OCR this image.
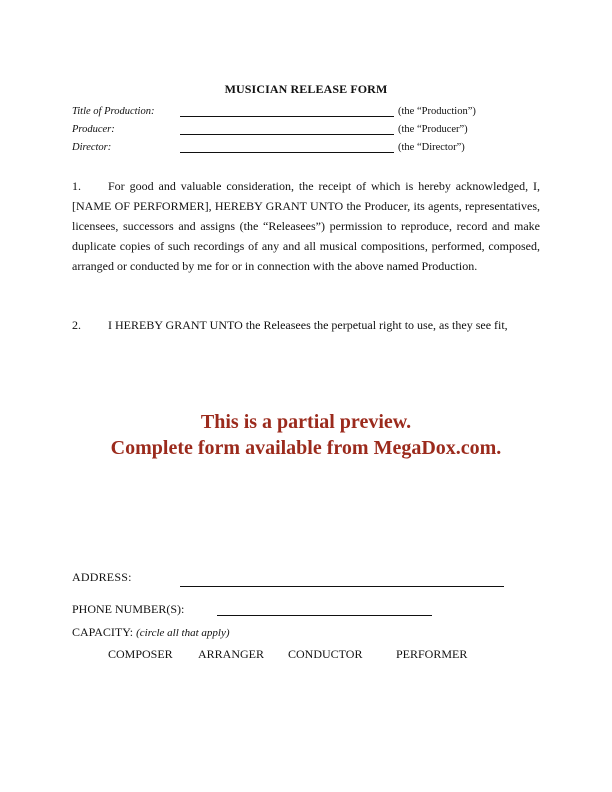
MUSICIAN RELEASE FORM
Title of Production:	(the “Production”)
Producer:	(the “Producer”)
Director:	(the “Director”)
1. For good and valuable consideration, the receipt of which is hereby acknowledged, I, [NAME OF PERFORMER], HEREBY GRANT UNTO the Producer, its agents, representatives, licensees, successors and assigns (the “Releasees”) permission to reproduce, record and make duplicate copies of such recordings of any and all musical compositions, performed, composed, arranged or conducted by me for or in connection with the above named Production.
2. I HEREBY GRANT UNTO the Releasees the perpetual right to use, as they see fit,
This is a partial preview.
Complete form available from MegaDox.com.
ADDRESS:
PHONE NUMBER(S):
CAPACITY: (circle all that apply)
COMPOSER ARRANGER CONDUCTOR	PERFORMER
